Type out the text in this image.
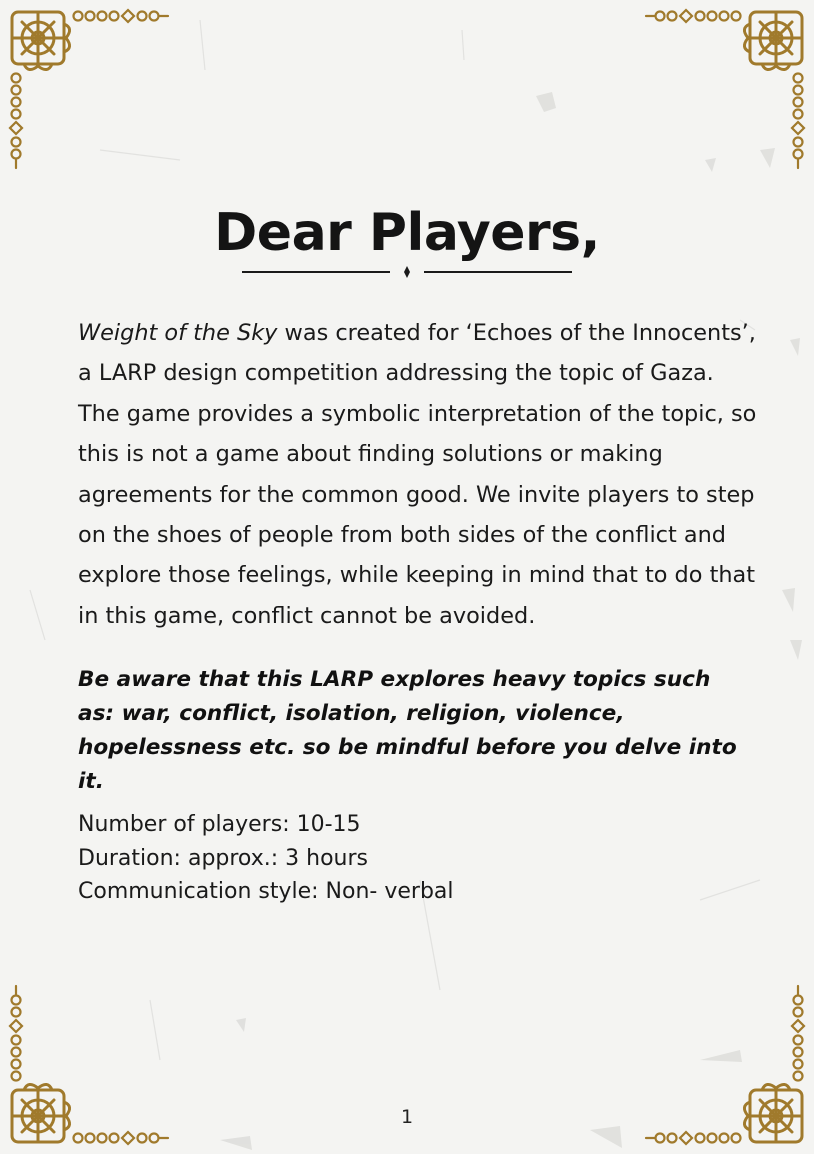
Dear Players,

Weight of the Sky was created for ‘Echoes of the Innocents’, a LARP design competition addressing the topic of Gaza. The game provides a symbolic interpretation of the topic, so this is not a game about finding solutions or making agreements for the common good. We invite players to step on the shoes of people from both sides of the conflict and explore those feelings, while keeping in mind that to do that in this game, conflict cannot be avoided.

Be aware that this LARP explores heavy topics such as: war, conflict, isolation, religion, violence, hopelessness etc. so be mindful before you delve into it.

Number of players: 10-15
Duration: approx.: 3 hours
Communication style: Non- verbal
1
